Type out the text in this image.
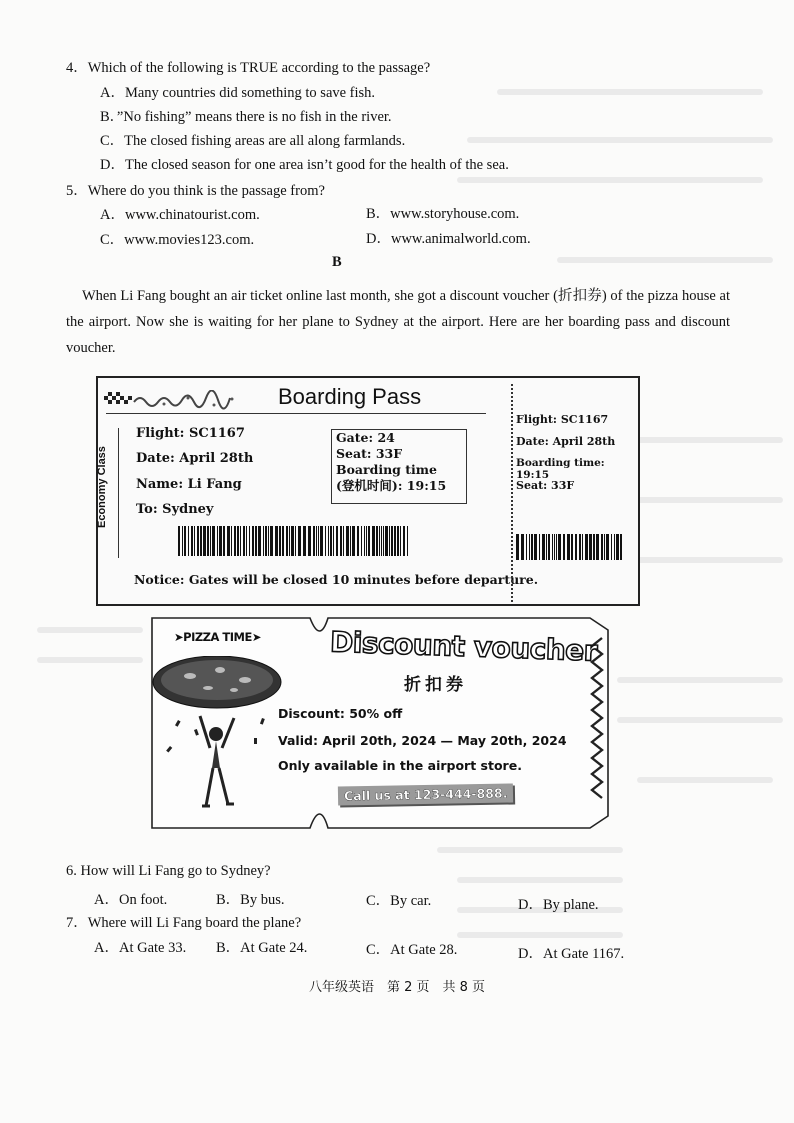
4．Which of the following is TRUE according to the passage?
A．Many countries did something to save fish.
B．”No fishing” means there is no fish in the river.
C．The closed fishing areas are all along farmlands.
D．The closed season for one area isn’t good for the health of the sea.
5．Where do you think is the passage from?
A．www.chinatourist.com.	B．www.storyhouse.com.
C．www.movies123.com.	D．www.animalworld.com.
B
When Li Fang bought an air ticket online last month, she got a discount voucher (折扣券) of the pizza house at the airport. Now she is waiting for her plane to Sydney at the airport. Here are her boarding pass and discount voucher.
Boarding Pass
Economy Class
Flight: SC1167
Date: April 28th
Name: Li Fang
To: Sydney
Gate: 24
Seat: 33F
Boarding time
(登机时间): 19:15
Notice: Gates will be closed 10 minutes before departure.
Flight: SC1167
Date: April 28th
Boarding time: 19:15
Seat: 33F
➤PIZZA TIME➤ Discount voucher
折扣券
Discount: 50% off
Valid: April 20th, 2024 — May 20th, 2024
Only available in the airport store.
Call us at 123-444-888.
6. How will Li Fang go to Sydney?
A．On foot.	B．By bus.	C．By car.	D．By plane.
7．Where will Li Fang board the plane?
A．At Gate 33. B．At Gate 24.	C．At Gate 28.	D．At Gate 1167.
八年级英语　第 2 页　共 8 页
